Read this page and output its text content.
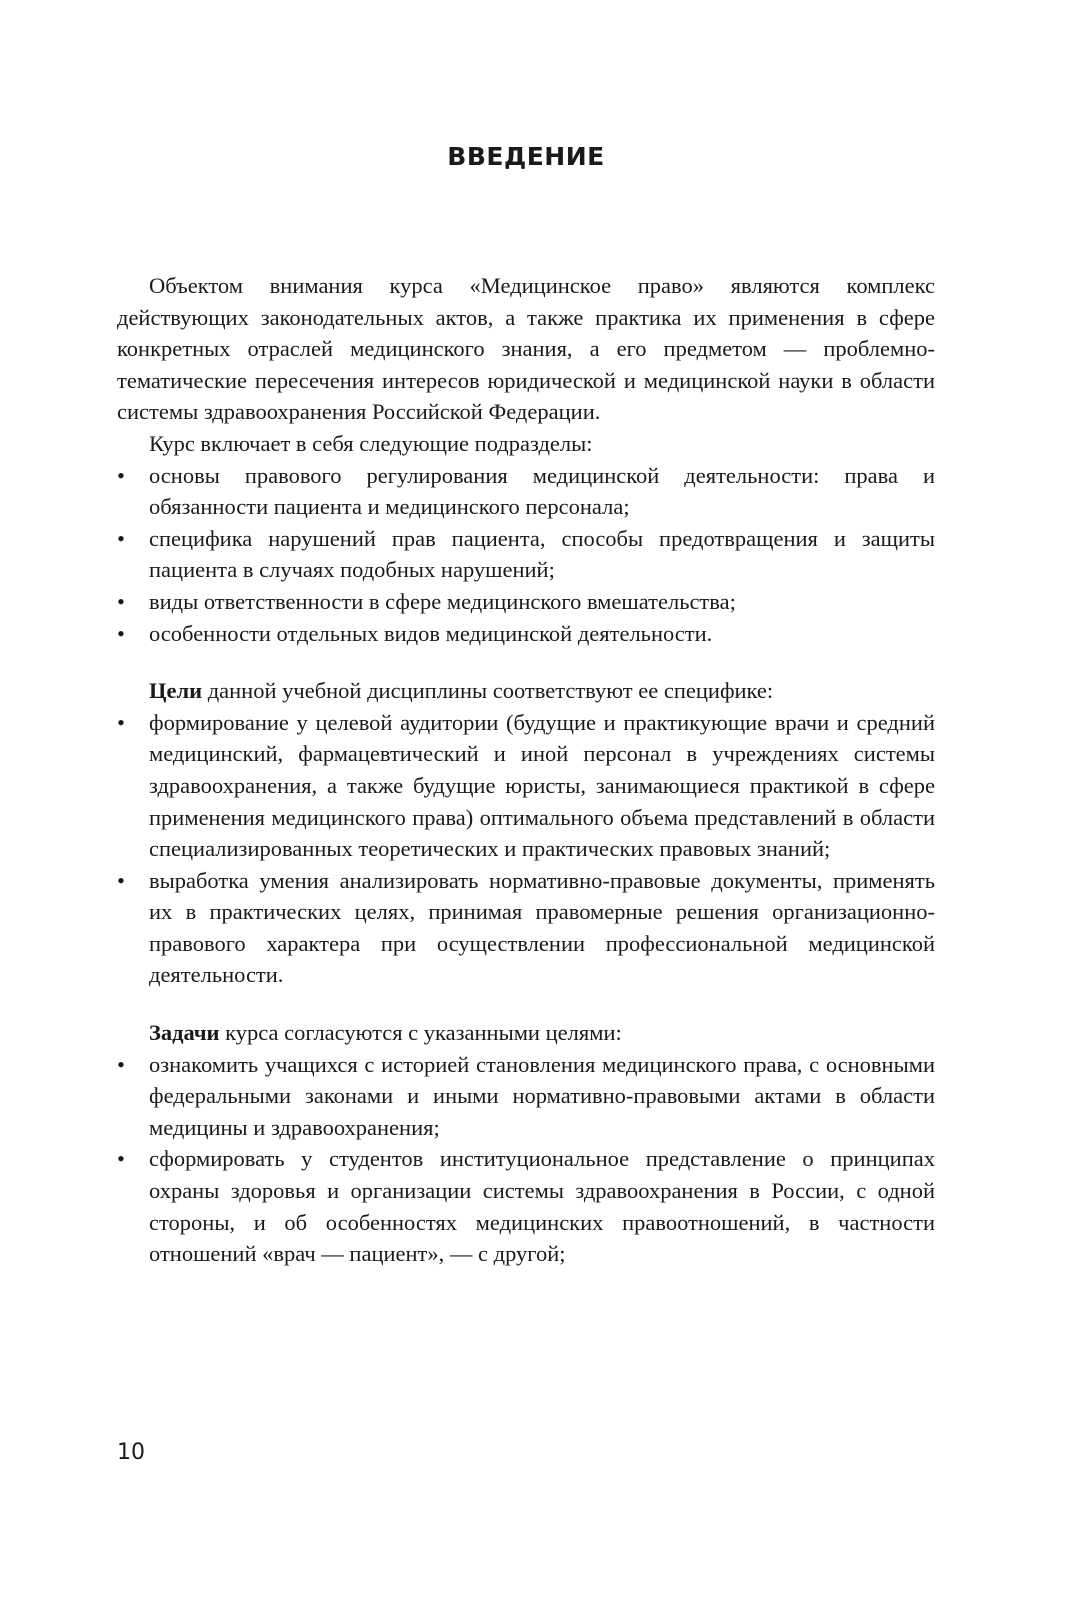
ВВЕДЕНИЕ

Объектом внимания курса «Медицинское право» являются комплекс действующих законодательных актов, а также практика их применения в сфере конкретных отраслей медицинского знания, а его предметом — проблемно-тематические пересечения интересов юридической и медицинской науки в области системы здравоохранения Российской Федерации.

Курс включает в себя следующие подразделы:

• основы правового регулирования медицинской деятельности: права и обязанности пациента и медицинского персонала;
• специфика нарушений прав пациента, способы предотвращения и защиты пациента в случаях подобных нарушений;
• виды ответственности в сфере медицинского вмешательства;
• особенности отдельных видов медицинской деятельности.

Цели данной учебной дисциплины соответствуют ее специфике:

• формирование у целевой аудитории (будущие и практикующие врачи и средний медицинский, фармацевтический и иной персонал в учреждениях системы здравоохранения, а также будущие юристы, занимающиеся практикой в сфере применения медицинского права) оптимального объема представлений в области специализированных теоретических и практических правовых знаний;
• выработка умения анализировать нормативно-правовые документы, применять их в практических целях, принимая правомерные решения организационно-правового характера при осуществлении профессиональной медицинской деятельности.

Задачи курса согласуются с указанными целями:

• ознакомить учащихся с историей становления медицинского права, с основными федеральными законами и иными нормативно-правовыми актами в области медицины и здравоохранения;
• сформировать у студентов институциональное представление о принципах охраны здоровья и организации системы здравоохранения в России, с одной стороны, и об особенностях медицинских правоотношений, в частности отношений «врач — пациент», — с другой;
10
